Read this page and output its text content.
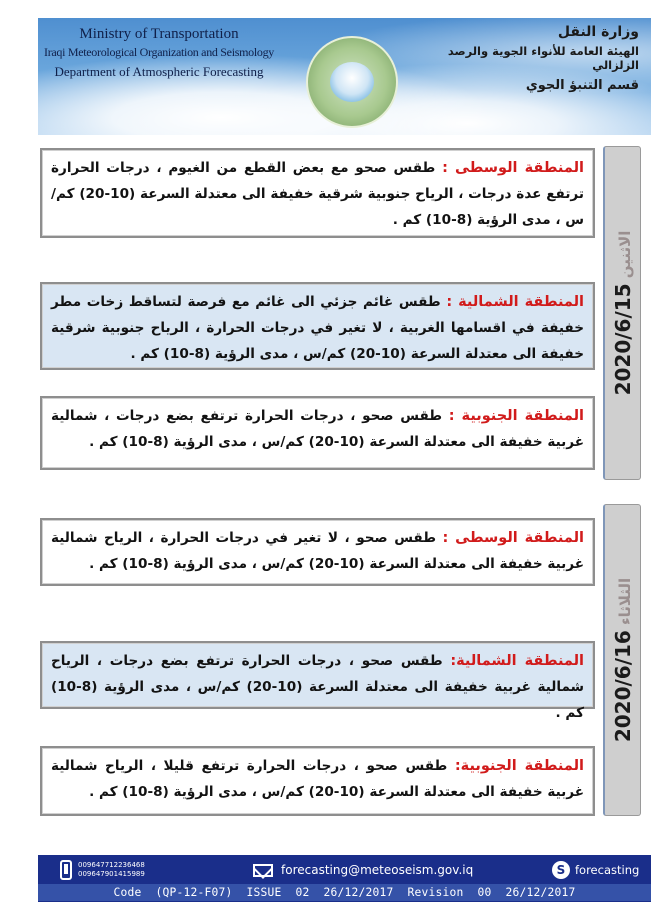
Ministry of Transportation
Iraqi Meteorological Organization and Seismology
Department of Atmospheric Forecasting
وزارة النقل
الهيئة العامة للأنواء الجوية والرصد الزلزالي
قسم التنبؤ الجوي
الاثنين 2020/6/15
الثلاثاء 2020/6/16
المنطقة الوسطى : طقس صحو مع بعض القطع من الغيوم ، درجات الحرارة ترتفع عدة درجات ، الرياح جنوبية شرقية خفيفة الى معتدلة السرعة (10-20) كم/س ، مدى الرؤية (8-10) كم .
المنطقة الشمالية : طقس غائم جزئي الى غائم مع فرصة لتساقط زخات مطر خفيفة في اقسامها الغربية ، لا تغير في درجات الحرارة ، الرياح جنوبية شرقية خفيفة الى معتدلة السرعة (10-20) كم/س ، مدى الرؤية (8-10) كم .
المنطقة الجنوبية : طقس صحو ، درجات الحرارة ترتفع بضع درجات ، شمالية غربية خفيفة الى معتدلة السرعة (10-20) كم/س ، مدى الرؤية (8-10) كم .
المنطقة الوسطى : طقس صحو ، لا تغير في درجات الحرارة ، الرياح شمالية غربية خفيفة الى معتدلة السرعة (10-20) كم/س ، مدى الرؤية (8-10) كم .
المنطقة الشمالية: طقس صحو ، درجات الحرارة ترتفع بضع درجات ، الرياح شمالية غربية خفيفة الى معتدلة السرعة (10-20) كم/س ، مدى الرؤية (8-10) كم .
المنطقة الجنوبية: طقس صحو ، درجات الحرارة ترتفع قليلا ، الرياح شمالية غربية خفيفة الى معتدلة السرعة (10-20) كم/س ، مدى الرؤية (8-10) كم .
009647712236468
009647901415989	forecasting@meteoseism.gov.iq	S forecasting
Code  (QP-12-F07)  ISSUE  02  26/12/2017  Revision  00  26/12/2017
